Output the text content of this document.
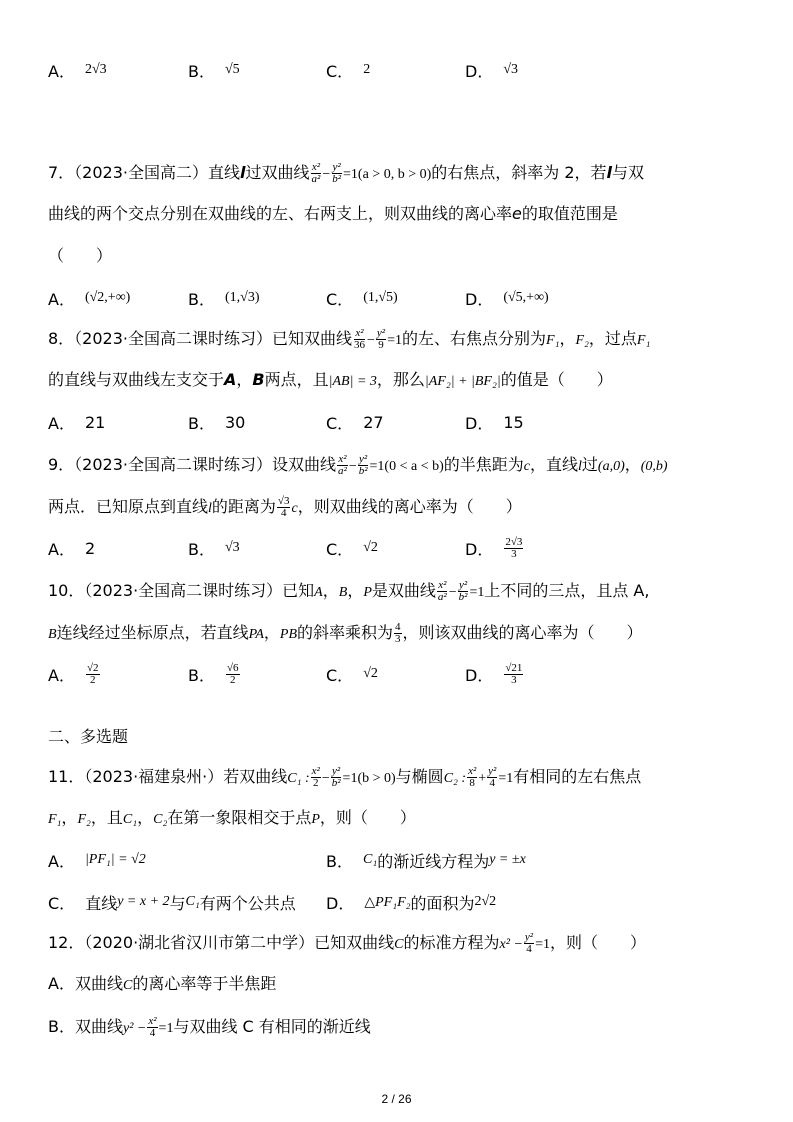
A． 2√3	B． √5	C． 2	D． √3
7．（2023·全国高二）直线l过双曲线 $\frac{\text{x²}}{\text{a²}} - \frac{\text{y²}}{\text{b²}} =1(a > 0$, b > 0)的右焦点，斜率为 2，若l与双
曲线的两个交点分别在双曲线的左、右两支上，则双曲线的离心率e的取值范围是
（　　）
A． (√2,+∞)	B． (1,√3)	C． (1,√5)	D． (√5,+∞)
8．（2023·全国高二课时练习）已知双曲线 $\frac{\text{x²}}{36} - \frac{\text{y²}}{9} =1$的左、右焦点分别为F₁，F₂，过点F₁
的直线与双曲线左支交于A，B两点，且|AB| = 3，那么|AF₂| + |BF₂|的值是（　　）
A． 21	B． 30	C． 27	D． 15
9．（2023·全国高二课时练习）设双曲线 $\frac{\text{x²}}{\text{a²}} - \frac{\text{y²}}{\text{b²}} =1(0 < a < b)$的半焦距为c，直线l过(a,0)，(0,b)
两点．已知原点到直线l的距离为 $\frac{√3}{4}$ c，则双曲线的离心率为（　　）
A． 2	B． √3	C． √2	D． $\frac{2√3}{3}$
10．（2023·全国高二课时练习）已知A，B，P是双曲线 $\frac{\text{x²}}{\text{a²}} - \frac{\text{y²}}{\text{b²}} =1$上不同的三点，且点 A,
B连线经过坐标原点，若直线PA，PB的斜率乘积为 $\frac{4}{3}$ ，则该双曲线的离心率为（　　）
A． $\frac{√2}{2}$	B． $\frac{√6}{2}$	C． √2	D． $\frac{√21}{3}$
二、多选题
11．（2023·福建泉州·）若双曲线C₁ : $\frac{\text{x²}}{2} - \frac{\text{y²}}{\text{b²}} =1(b > 0)$与椭圆C₂ : $\frac{\text{x²}}{8} + \frac{\text{y²}}{4} =1$有相同的左右焦点
F₁，F₂，且C₁，C₂在第一象限相交于点P，则（　　）
A． |PF₁| = √2	B． C₁ 的渐近线方程为 y = ±x
C． 直线 y = x + 2 与 C₁ 有两个公共点 D． △PF₁F₂ 的面积为 2√2
12．（2020·湖北省汉川市第二中学）已知双曲线C的标准方程为$x^2 - \frac{\text{y²}}{4} =1$，则（　　）
A．双曲线C的离心率等于半焦距
B．双曲线$y^2 - \frac{\text{x²}}{4} =1$与双曲线 C 有相同的渐近线
2 / 26
